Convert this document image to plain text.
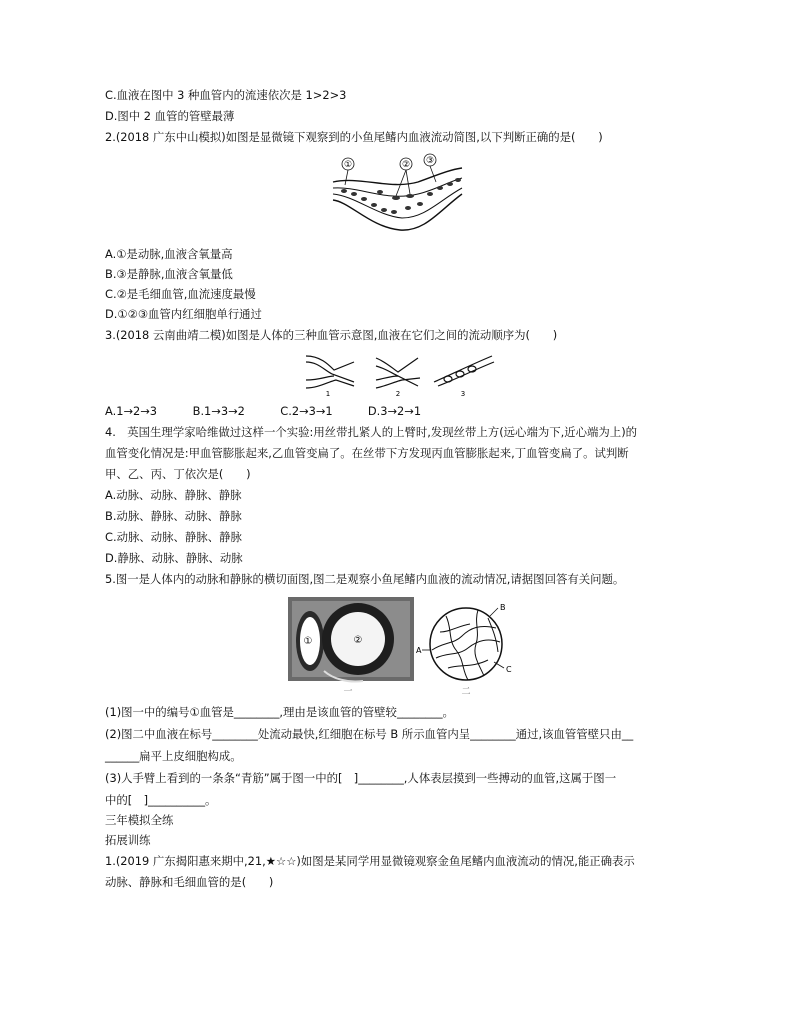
C.血液在图中 3 种血管内的流速依次是 1>2>3
D.图中 2 血管的管壁最薄
2.(2018 广东中山模拟)如图是显微镜下观察到的小鱼尾鳍内血液流动简图,以下判断正确的是(　　)
①	② ③
A.①是动脉,血液含氧量高
B.③是静脉,血液含氧量低
C.②是毛细血管,血流速度最慢
D.①②③血管内红细胞单行通过
3.(2018 云南曲靖二模)如图是人体的三种血管示意图,血液在它们之间的流动顺序为(　　)
1	2	3
A.1→2→3	B.1→3→2	C.2→3→1	D.3→2→1
4.　英国生理学家哈维做过这样一个实验:用丝带扎紧人的上臂时,发现丝带上方(远心端为下,近心端为上)的
血管变化情况是:甲血管膨胀起来,乙血管变扁了。在丝带下方发现丙血管膨胀起来,丁血管变扁了。试判断
甲、乙、丙、丁依次是(　　)
A.动脉、动脉、静脉、静脉
B.动脉、静脉、动脉、静脉
C.动脉、动脉、静脉、静脉
D.静脉、动脉、静脉、动脉
5.图一是人体内的动脉和静脉的横切面图,图二是观察小鱼尾鳍内血液的流动情况,请据图回答有关问题。
①	②
一
A
B
C
二
(1)图一中的编号①血管是________,理由是该血管的管壁较________。
(2)图二中血液在标号________处流动最快,红细胞在标号 B 所示血管内呈________通过,该血管管壁只由__
______扁平上皮细胞构成。
(3)人手臂上看到的一条条“青筋”属于图一中的[　]________,人体表层摸到一些搏动的血管,这属于图一
中的[　]__________。
三年模拟全练
拓展训练
1.(2019 广东揭阳惠来期中,21,★☆☆)如图是某同学用显微镜观察金鱼尾鳍内血液流动的情况,能正确表示
动脉、静脉和毛细血管的是(　　)
